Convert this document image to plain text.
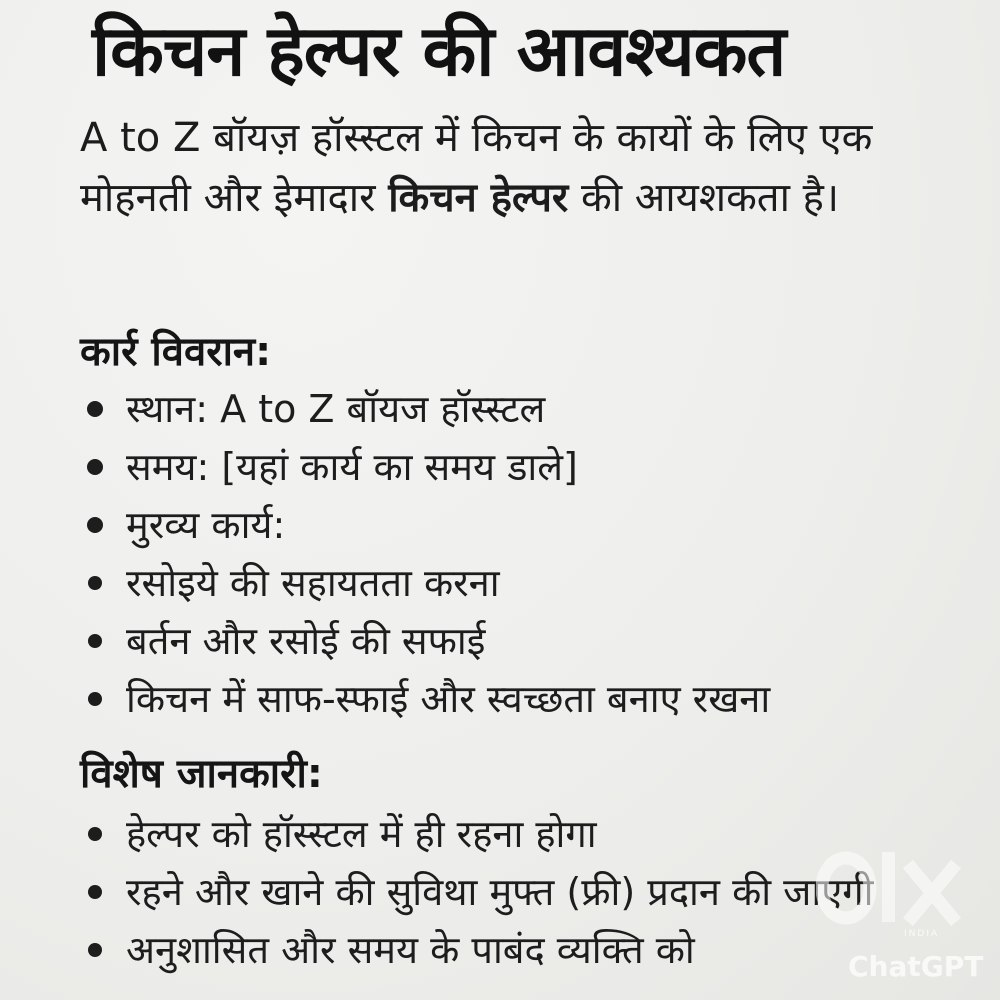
किचन हेल्पर की आवश्यकत
A to Z बॉयज़ हॉस्स्टल में किचन के कायों के लिए एक मोहनती और इेमादार किचन हेल्पर की आयशकता है।
कार्र विवरान:
स्थान: A to Z बॉयज हॉस्स्टल
समय: [यहां कार्य का समय डाले]
मुरव्य कार्य:
रसोइये की सहायतता करना
बर्तन और रसोई की सफाई
किचन में साफ-स्फाई और स्वच्छता बनाए रखना
विशेष जानकारी:
हेल्पर को हॉस्स्टल में ही रहना होगा
रहने और खाने की सुविथा मुफ्त (फ्री) प्रदान की जाएगी
अनुशासित और समय के पाबंद व्यक्ति को	INDIA
ChatGPT
